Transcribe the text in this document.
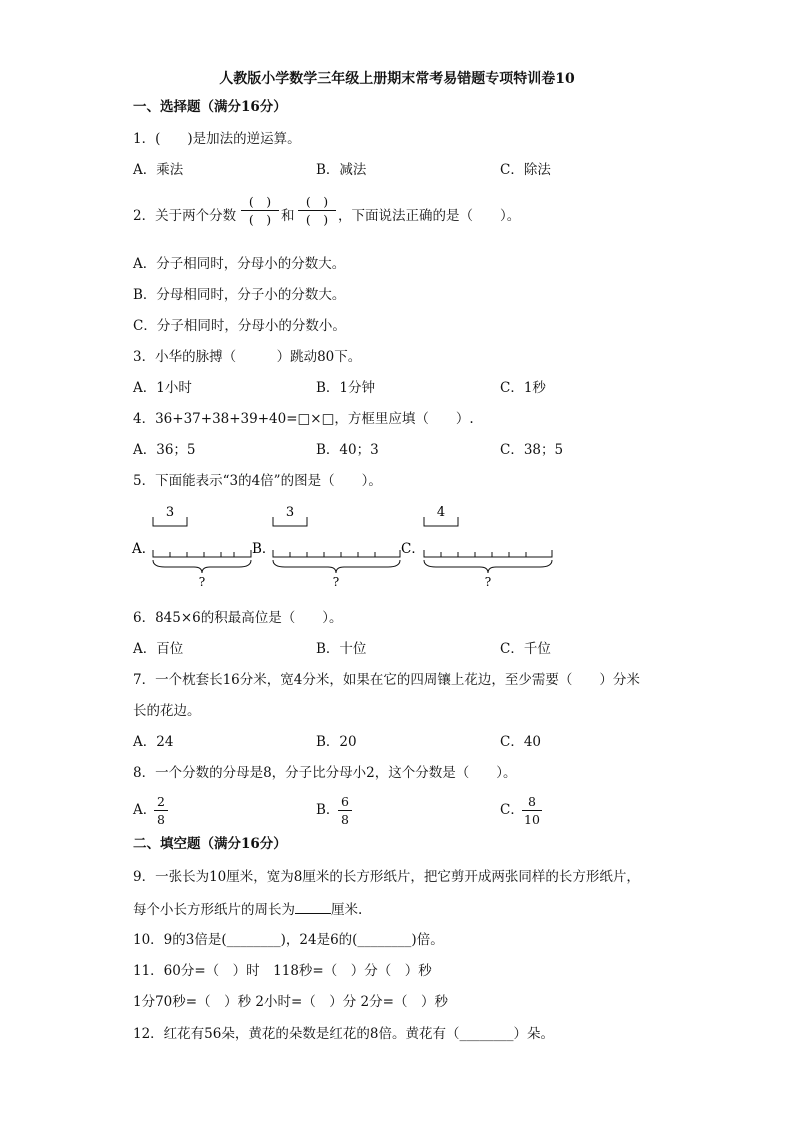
人教版小学数学三年级上册期末常考易错题专项特训卷10
一、选择题（满分16分）
1．(　　)是加法的逆运算。
A．乘法	B．减法	C．除法
2．关于两个分数
(　)
(　) 和
(　)
(　) ，下面说法正确的是（　　）。
A．分子相同时，分母小的分数大。
B．分母相同时，分子小的分数大。
C．分子相同时，分母小的分数小。
3．小华的脉搏（　　　）跳动80下。
A．1小时	B．1分钟	C．1秒
4．36+37+38+39+40=□×□，方框里应填（　　）.
A．36；5	B．40；3	C．38；5
5．下面能表示“3的4倍”的图是（　　）。
A．
3
?
B．
3
?
C．
4
?
6．845×6的积最高位是（　　）。
A．百位	B．十位	C．千位
7．一个枕套长16分米，宽4分米，如果在它的四周镶上花边，至少需要（　　）分米
长的花边。
A．24	B．20	C．40
8．一个分数的分母是8，分子比分母小2，这个分数是（　　）。
A．
2
8
B．
6
8
C．
8
10
二、填空题（满分16分）
9．一张长为10厘米，宽为8厘米的长方形纸片，把它剪开成两张同样的长方形纸片，
每个小长方形纸片的周长为	厘米.
10．9的3倍是(________)，24是6的(________)倍。
11．60分=（　）时　118秒=（　）分（　）秒
1分70秒=（　）秒 2小时=（　）分 2分=（　）秒
12．红花有56朵，黄花的朵数是红花的8倍。黄花有（________）朵。
